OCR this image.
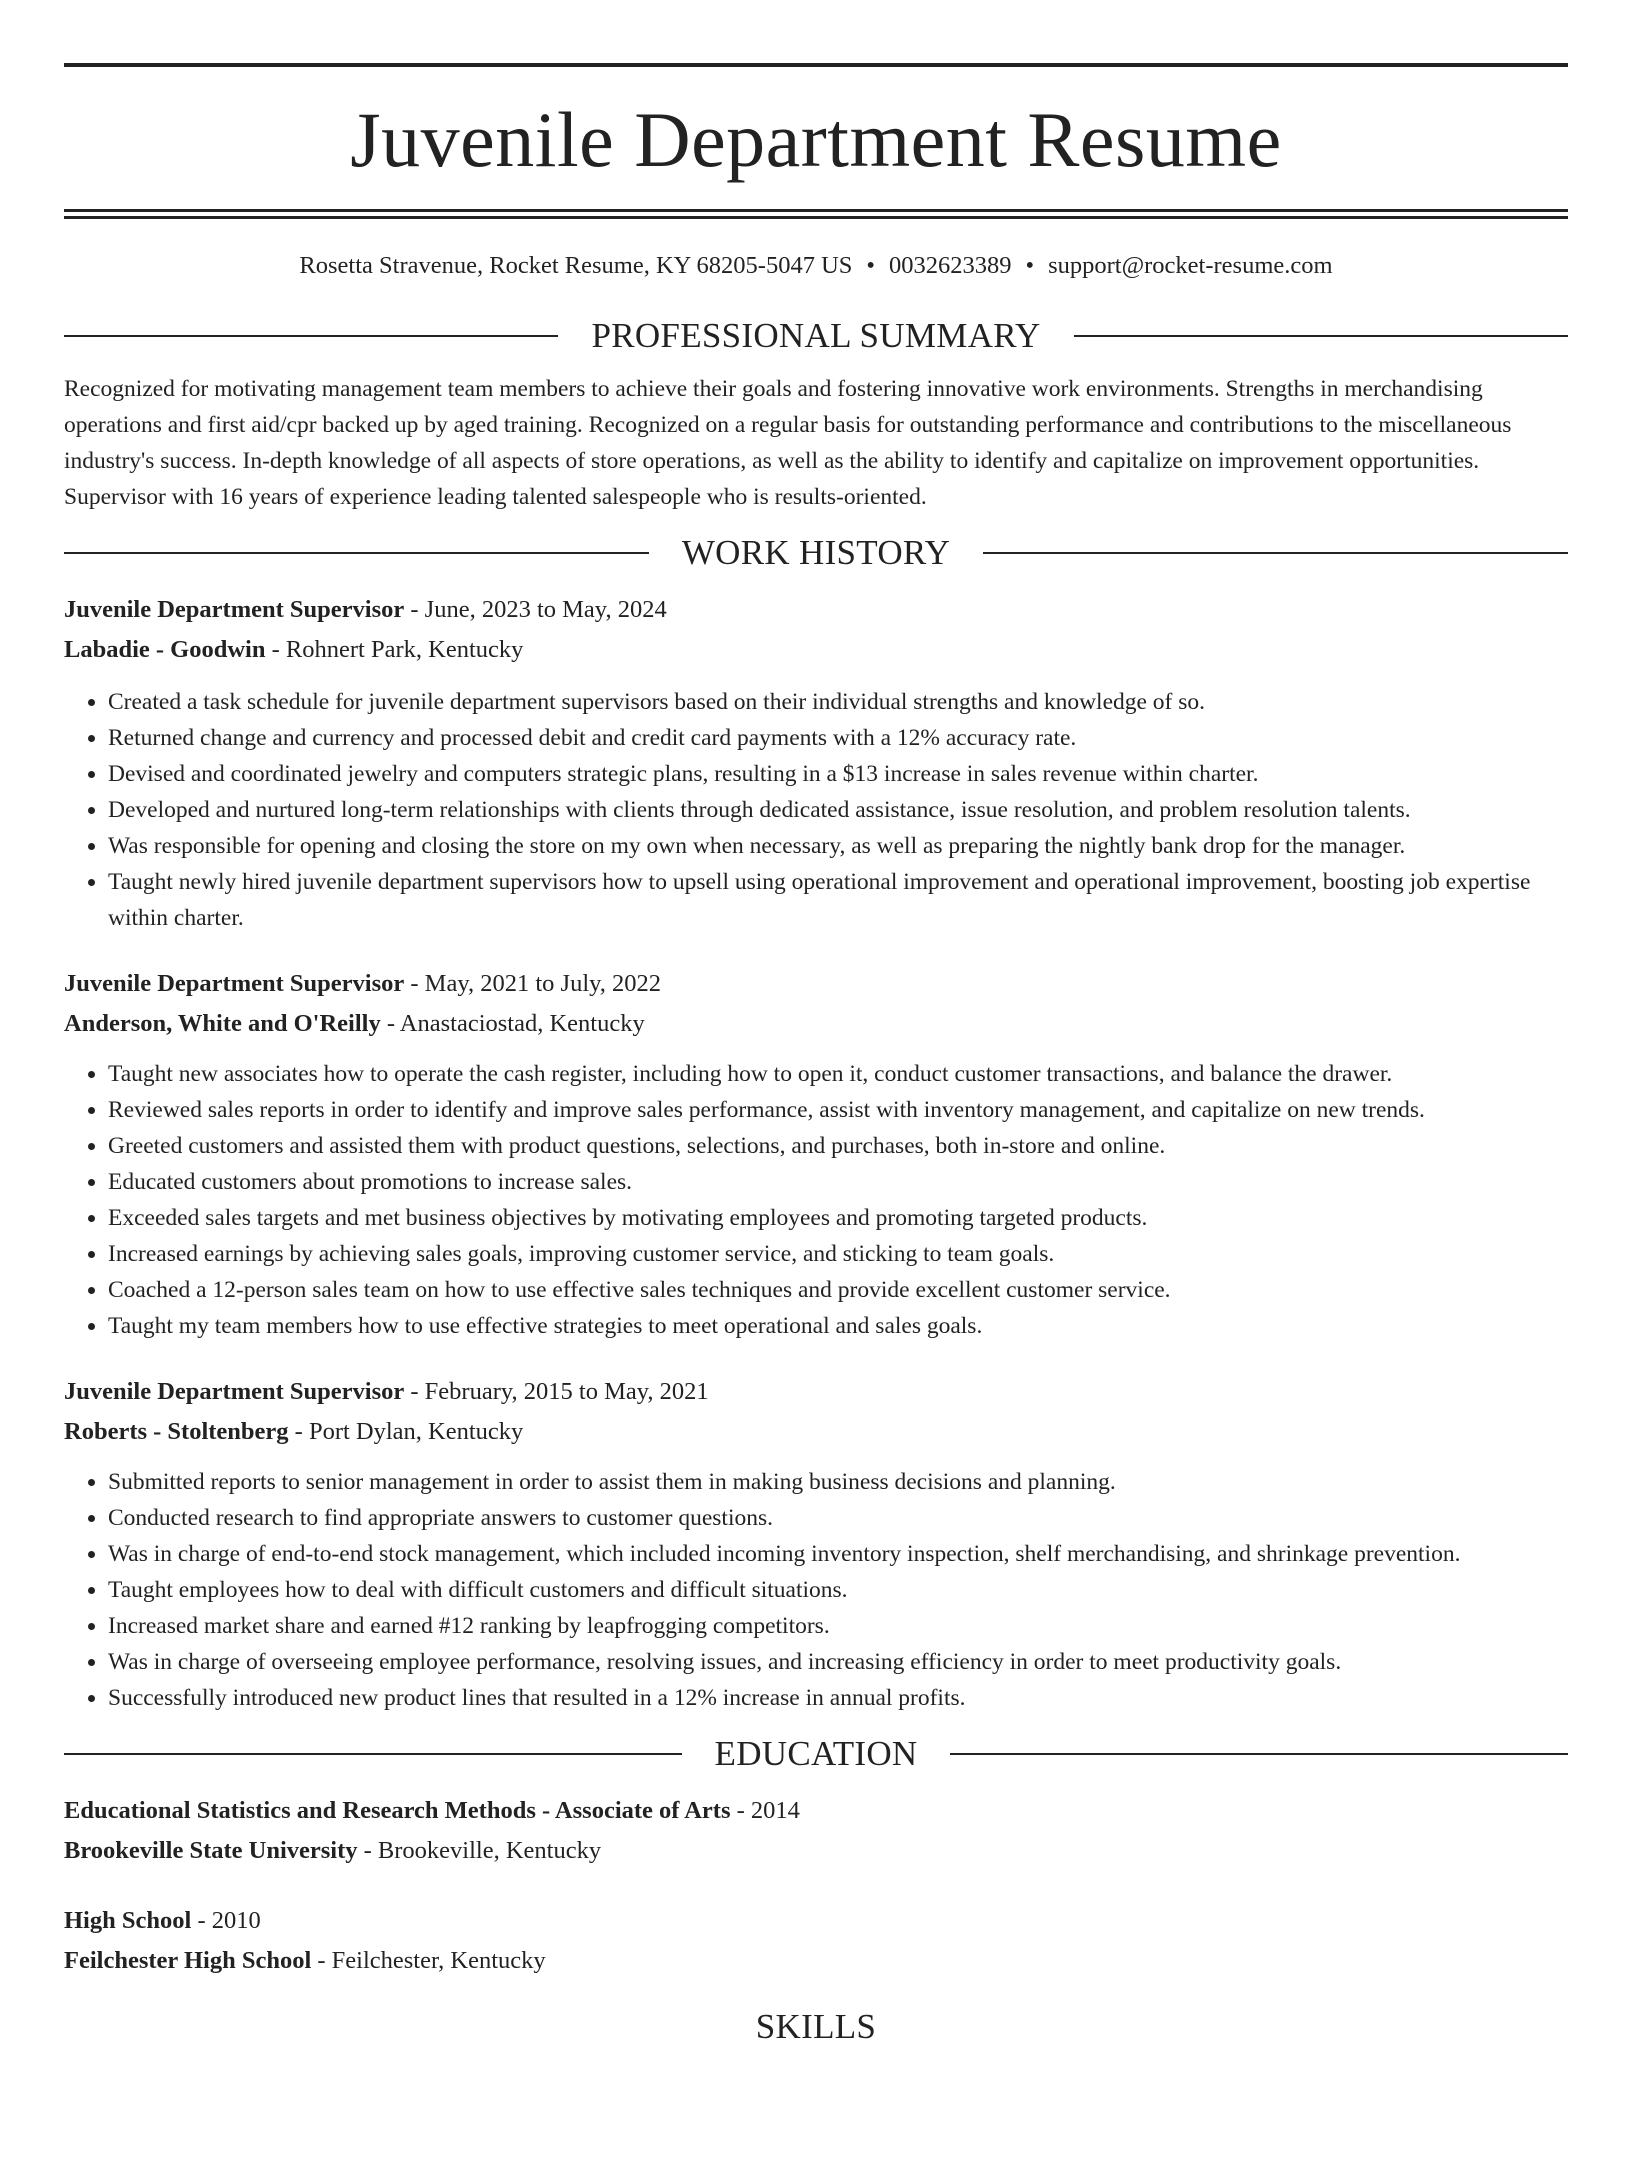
Juvenile Department Resume
Rosetta Stravenue, Rocket Resume, KY 68205-5047 US • 0032623389 • support@rocket-resume.com
PROFESSIONAL SUMMARY

Recognized for motivating management team members to achieve their goals and fostering innovative work environments. Strengths in merchandising operations and first aid/cpr backed up by aged training. Recognized on a regular basis for outstanding performance and contributions to the miscellaneous industry's success. In-depth knowledge of all aspects of store operations, as well as the ability to identify and capitalize on improvement opportunities. Supervisor with 16 years of experience leading talented salespeople who is results-oriented.

WORK HISTORY

Juvenile Department Supervisor - June, 2023 to May, 2024

Labadie - Goodwin - Rohnert Park, Kentucky

• Created a task schedule for juvenile department supervisors based on their individual strengths and knowledge of so.
• Returned change and currency and processed debit and credit card payments with a 12% accuracy rate.
• Devised and coordinated jewelry and computers strategic plans, resulting in a $13 increase in sales revenue within charter.
• Developed and nurtured long-term relationships with clients through dedicated assistance, issue resolution, and problem resolution talents.
• Was responsible for opening and closing the store on my own when necessary, as well as preparing the nightly bank drop for the manager.
• Taught newly hired juvenile department supervisors how to upsell using operational improvement and operational improvement, boosting job expertise within charter.

Juvenile Department Supervisor - May, 2021 to July, 2022

Anderson, White and O'Reilly - Anastaciostad, Kentucky

• Taught new associates how to operate the cash register, including how to open it, conduct customer transactions, and balance the drawer.
• Reviewed sales reports in order to identify and improve sales performance, assist with inventory management, and capitalize on new trends.
• Greeted customers and assisted them with product questions, selections, and purchases, both in-store and online.
• Educated customers about promotions to increase sales.
• Exceeded sales targets and met business objectives by motivating employees and promoting targeted products.
• Increased earnings by achieving sales goals, improving customer service, and sticking to team goals.
• Coached a 12-person sales team on how to use effective sales techniques and provide excellent customer service.
• Taught my team members how to use effective strategies to meet operational and sales goals.

Juvenile Department Supervisor - February, 2015 to May, 2021

Roberts - Stoltenberg - Port Dylan, Kentucky

• Submitted reports to senior management in order to assist them in making business decisions and planning.
• Conducted research to find appropriate answers to customer questions.
• Was in charge of end-to-end stock management, which included incoming inventory inspection, shelf merchandising, and shrinkage prevention.
• Taught employees how to deal with difficult customers and difficult situations.
• Increased market share and earned #12 ranking by leapfrogging competitors.
• Was in charge of overseeing employee performance, resolving issues, and increasing efficiency in order to meet productivity goals.
• Successfully introduced new product lines that resulted in a 12% increase in annual profits.
EDUCATION

Educational Statistics and Research Methods - Associate of Arts - 2014

Brookeville State University - Brookeville, Kentucky

High School - 2010

Feilchester High School - Feilchester, Kentucky

SKILLS
